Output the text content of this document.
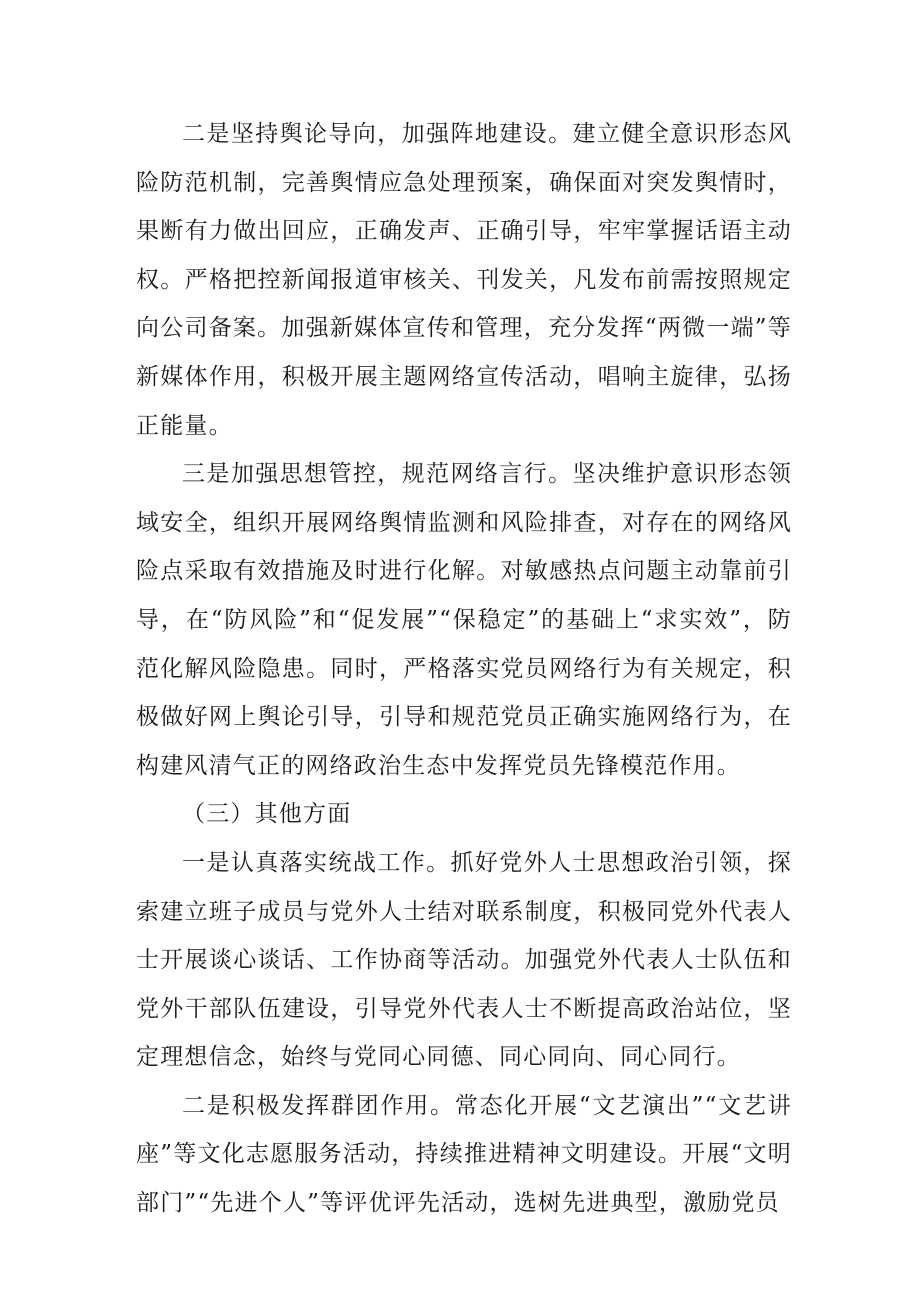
二是坚持舆论导向，加强阵地建设。建立健全意识形态风险防范机制，完善舆情应急处理预案，确保面对突发舆情时，果断有力做出回应，正确发声、正确引导，牢牢掌握话语主动权。严格把控新闻报道审核关、刊发关，凡发布前需按照规定向公司备案。加强新媒体宣传和管理，充分发挥“两微一端”等新媒体作用，积极开展主题网络宣传活动，唱响主旋律，弘扬正能量。

三是加强思想管控，规范网络言行。坚决维护意识形态领域安全，组织开展网络舆情监测和风险排查，对存在的网络风险点采取有效措施及时进行化解。对敏感热点问题主动靠前引导，在“防风险”和“促发展”“保稳定”的基础上“求实效”，防范化解风险隐患。同时，严格落实党员网络行为有关规定，积极做好网上舆论引导，引导和规范党员正确实施网络行为，在构建风清气正的网络政治生态中发挥党员先锋模范作用。

（三）其他方面

一是认真落实统战工作。抓好党外人士思想政治引领，探索建立班子成员与党外人士结对联系制度，积极同党外代表人士开展谈心谈话、工作协商等活动。加强党外代表人士队伍和党外干部队伍建设，引导党外代表人士不断提高政治站位，坚定理想信念，始终与党同心同德、同心同向、同心同行。

二是积极发挥群团作用。常态化开展“文艺演出”“文艺讲座”等文化志愿服务活动，持续推进精神文明建设。开展“文明部门”“先进个人”等评优评先活动，选树先进典型，激励党员
